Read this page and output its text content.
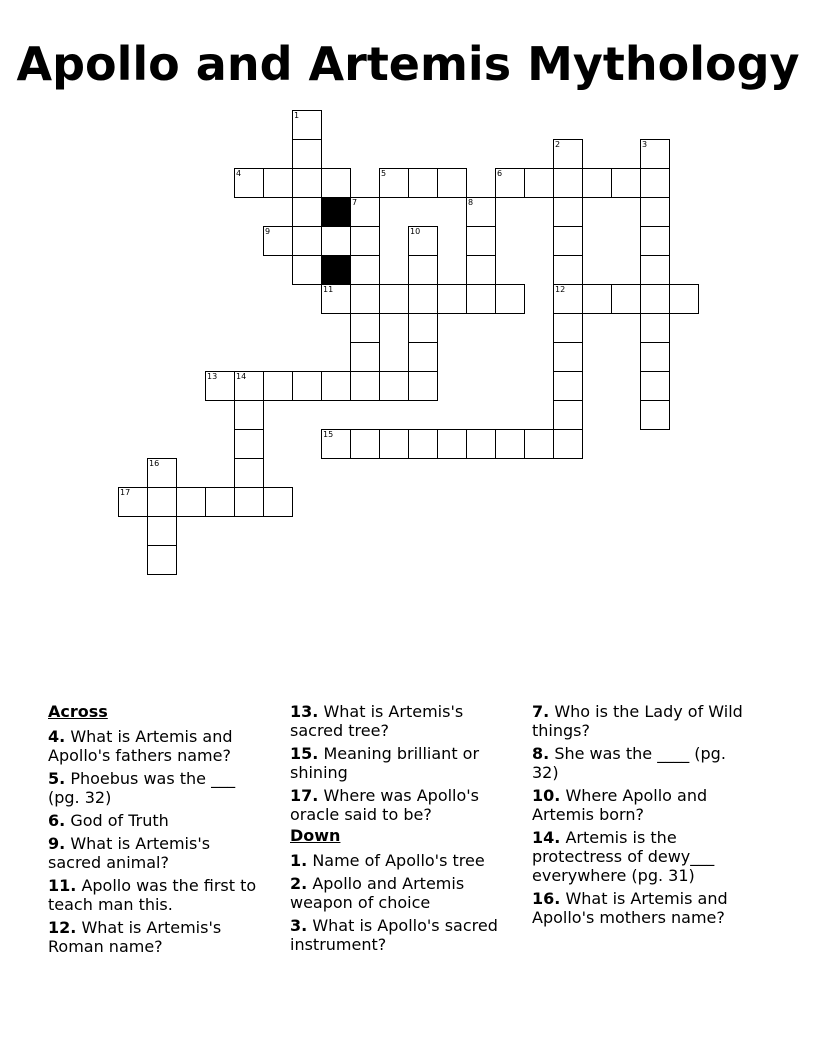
Apollo and Artemis Mythology
1
2	3
4	5	6
7	8
9	10
11	12
13 14
15
16
17
Across
4. What is Artemis and Apollo's fathers name?
5. Phoebus was the ___ (pg. 32)
6. God of Truth
9. What is Artemis's sacred animal?
11. Apollo was the first to teach man this.
12. What is Artemis's Roman name?
13. What is Artemis's sacred tree?
15. Meaning brilliant or shining
17. Where was Apollo's oracle said to be?
Down
1. Name of Apollo's tree
2. Apollo and Artemis weapon of choice
3. What is Apollo's sacred instrument?
7. Who is the Lady of Wild things?
8. She was the ____ (pg. 32)
10. Where Apollo and Artemis born?
14. Artemis is the protectress of dewy___ everywhere (pg. 31)
16. What is Artemis and Apollo's mothers name?
